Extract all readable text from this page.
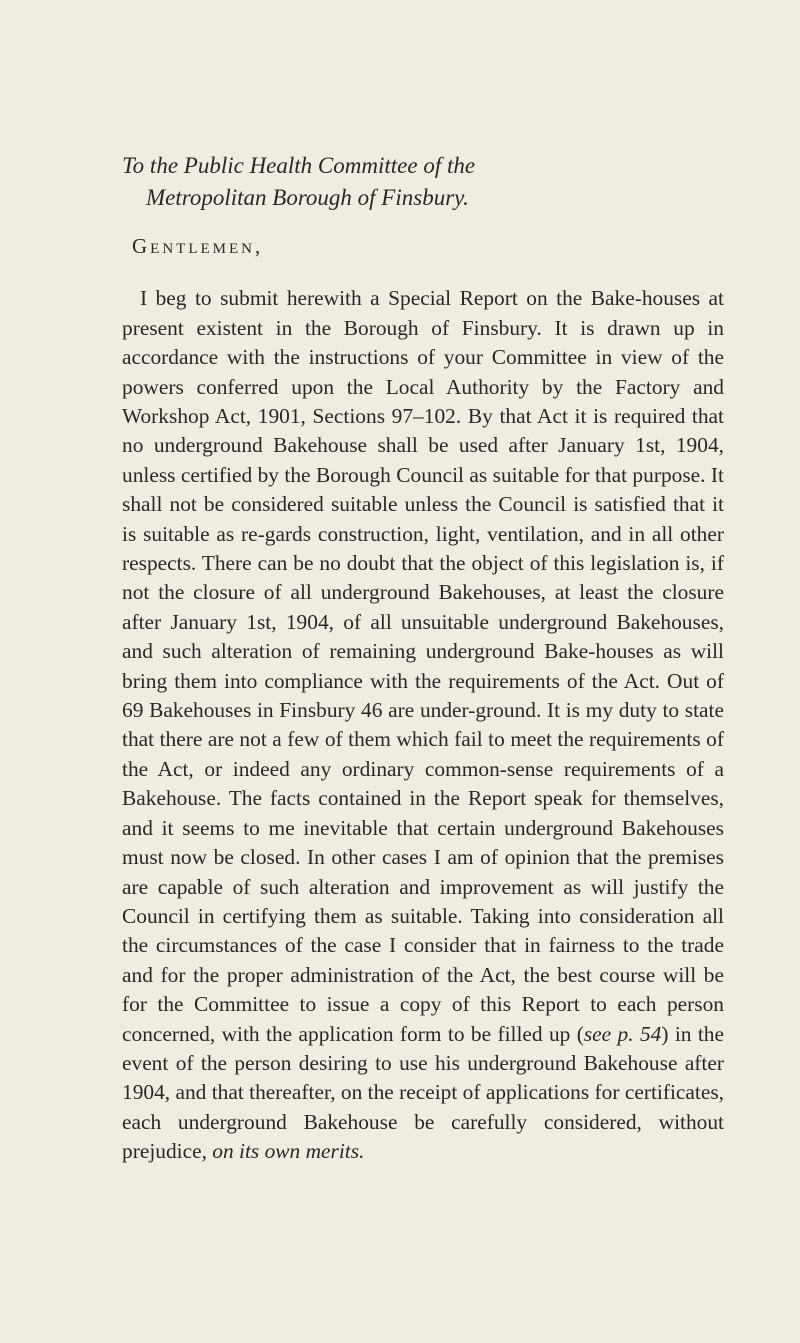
To the Public Health Committee of the
Metropolitan Borough of Finsbury.
Gentlemen,

I beg to submit herewith a Special Report on the Bake-houses at present existent in the Borough of Finsbury. It is drawn up in accordance with the instructions of your Committee in view of the powers conferred upon the Local Authority by the Factory and Workshop Act, 1901, Sections 97–102. By that Act it is required that no underground Bakehouse shall be used after January 1st, 1904, unless certified by the Borough Council as suitable for that purpose. It shall not be considered suitable unless the Council is satisfied that it is suitable as re-gards construction, light, ventilation, and in all other respects. There can be no doubt that the object of this legislation is, if not the closure of all underground Bakehouses, at least the closure after January 1st, 1904, of all unsuitable underground Bakehouses, and such alteration of remaining underground Bake-houses as will bring them into compliance with the requirements of the Act. Out of 69 Bakehouses in Finsbury 46 are under-ground. It is my duty to state that there are not a few of them which fail to meet the requirements of the Act, or indeed any ordinary common-sense requirements of a Bakehouse. The facts contained in the Report speak for themselves, and it seems to me inevitable that certain underground Bakehouses must now be closed. In other cases I am of opinion that the premises are capable of such alteration and improvement as will justify the Council in certifying them as suitable. Taking into consideration all the circumstances of the case I consider that in fairness to the trade and for the proper administration of the Act, the best course will be for the Committee to issue a copy of this Report to each person concerned, with the application form to be filled up (see p. 54) in the event of the person desiring to use his underground Bakehouse after 1904, and that thereafter, on the receipt of applications for certificates, each underground Bakehouse be carefully considered, without prejudice, on its own merits.
